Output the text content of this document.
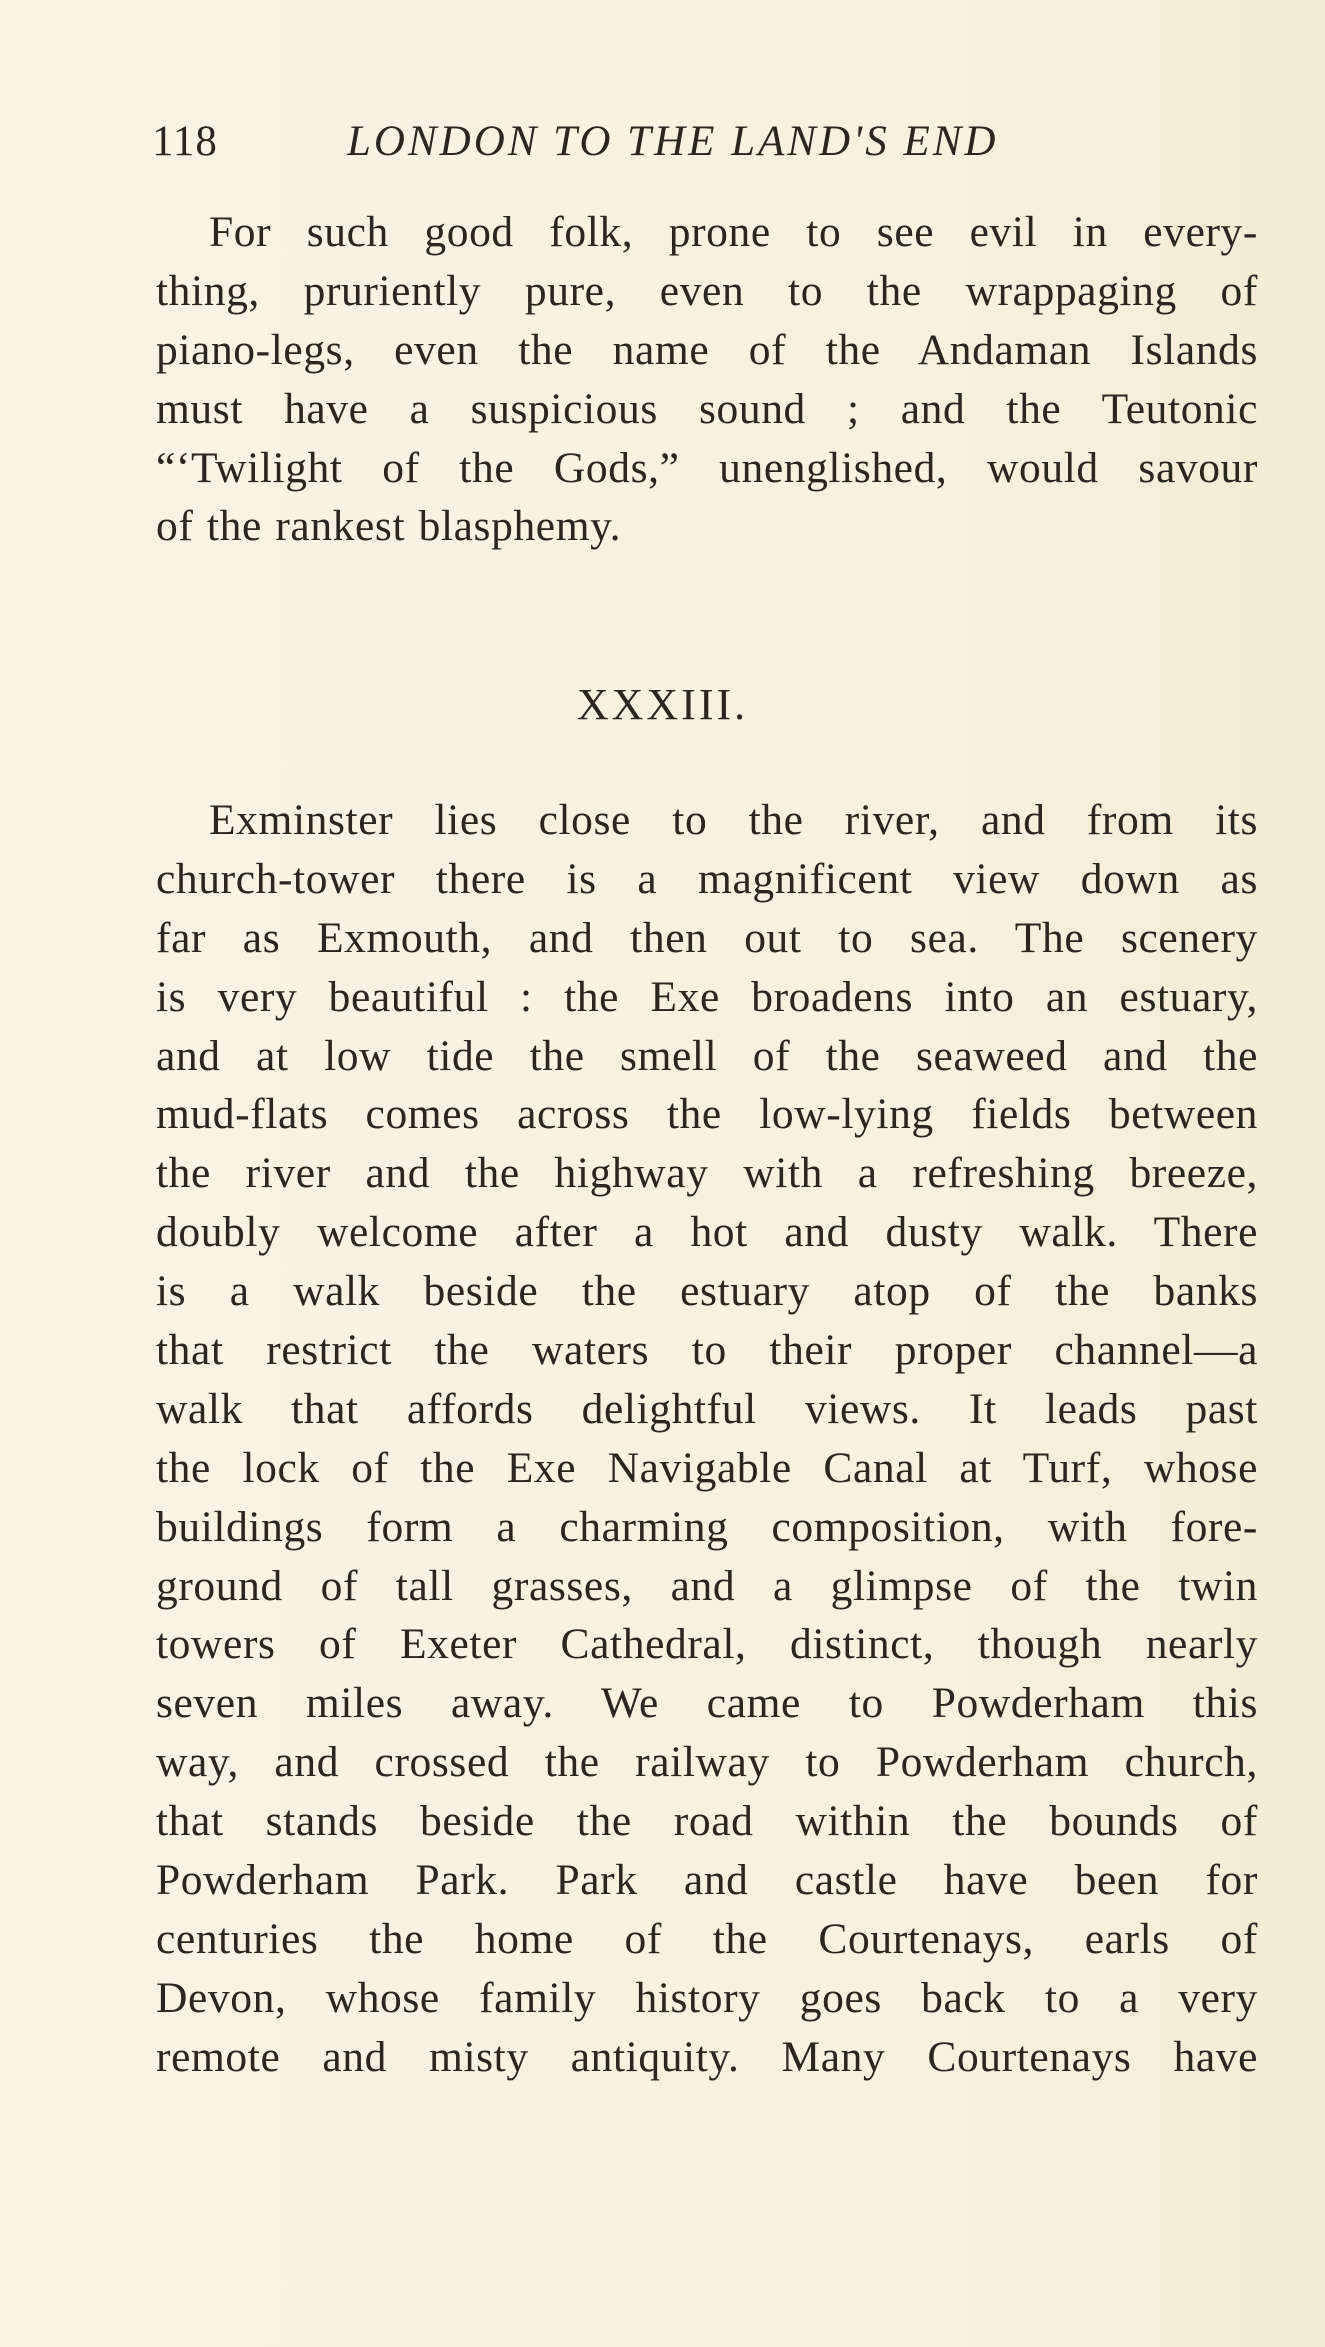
118	LONDON TO THE LAND'S END
For such good folk, prone to see evil in every-
thing, pruriently pure, even to the wrappaging of
piano-legs, even the name of the Andaman Islands
must have a suspicious sound ; and the Teutonic
“‘Twilight of the Gods,” unenglished, would savour
of the rankest blasphemy.
XXXIII.
Exminster lies close to the river, and from its
church-tower there is a magnificent view down as
far as Exmouth, and then out to sea. The scenery
is very beautiful : the Exe broadens into an estuary,
and at low tide the smell of the seaweed and the
mud-flats comes across the low-lying fields between
the river and the highway with a refreshing breeze,
doubly welcome after a hot and dusty walk. There
is a walk beside the estuary atop of the banks
that restrict the waters to their proper channel—a
walk that affords delightful views. It leads past
the lock of the Exe Navigable Canal at Turf, whose
buildings form a charming composition, with fore-
ground of tall grasses, and a glimpse of the twin
towers of Exeter Cathedral, distinct, though nearly
seven miles away. We came to Powderham this
way, and crossed the railway to Powderham church,
that stands beside the road within the bounds of
Powderham Park. Park and castle have been for
centuries the home of the Courtenays, earls of
Devon, whose family history goes back to a very
remote and misty antiquity. Many Courtenays have
